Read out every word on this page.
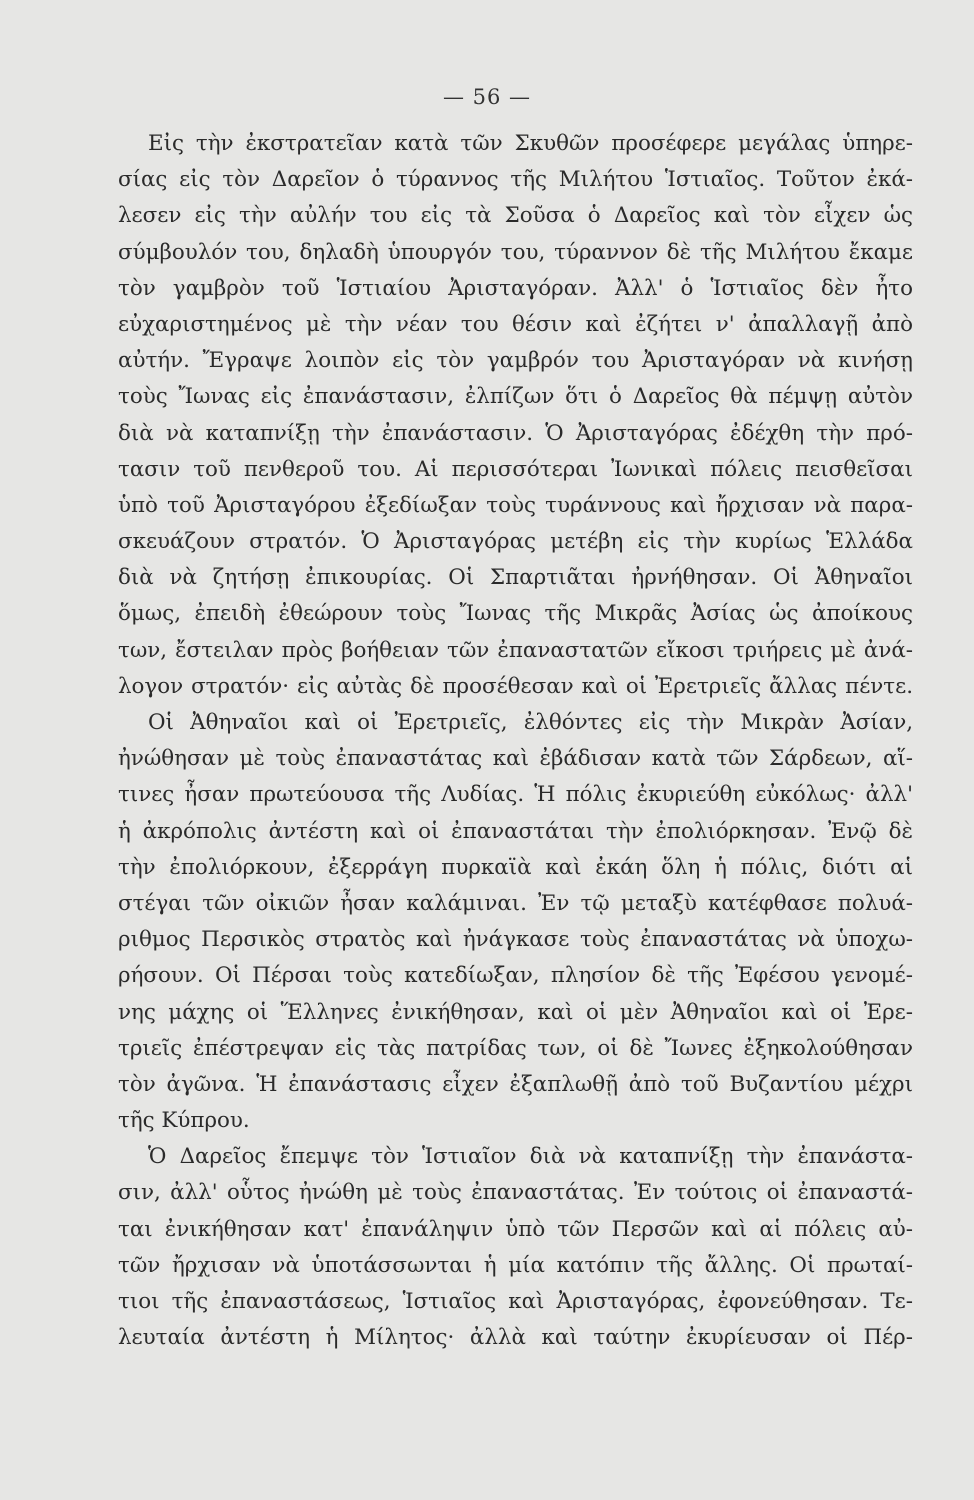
— 56 —
Εἰς τὴν ἐκστρατεῖαν κατὰ τῶν Σκυθῶν προσέφερε μεγάλας ὑπηρε-
σίας εἰς τὸν Δαρεῖον ὁ τύραννος τῆς Μιλήτου Ἱστιαῖος. Τοῦτον ἐκά-
λεσεν εἰς τὴν αὐλήν του εἰς τὰ Σοῦσα ὁ Δαρεῖος καὶ τὸν εἶχεν ὡς
σύμβουλόν του, δηλαδὴ ὑπουργόν του, τύραννον δὲ τῆς Μιλήτου ἔκαμε
τὸν γαμβρὸν τοῦ Ἱστιαίου Ἀρισταγόραν. Ἀλλ' ὁ Ἱστιαῖος δὲν ἦτο
εὐχαριστημένος μὲ τὴν νέαν του θέσιν καὶ ἐζήτει ν' ἀπαλλαγῇ ἀπὸ
αὐτήν. Ἔγραψε λοιπὸν εἰς τὸν γαμβρόν του Ἀρισταγόραν νὰ κινήσῃ
τοὺς Ἴωνας εἰς ἐπανάστασιν, ἐλπίζων ὅτι ὁ Δαρεῖος θὰ πέμψῃ αὐτὸν
διὰ νὰ καταπνίξῃ τὴν ἐπανάστασιν. Ὁ Ἀρισταγόρας ἐδέχθη τὴν πρό-
τασιν τοῦ πενθεροῦ του. Αἱ περισσότεραι Ἰωνικαὶ πόλεις πεισθεῖσαι
ὑπὸ τοῦ Ἀρισταγόρου ἐξεδίωξαν τοὺς τυράννους καὶ ἤρχισαν νὰ παρα-
σκευάζουν στρατόν. Ὁ Ἀρισταγόρας μετέβη εἰς τὴν κυρίως Ἑλλάδα
διὰ νὰ ζητήσῃ ἐπικουρίας. Οἱ Σπαρτιᾶται ἠρνήθησαν. Οἱ Ἀθηναῖοι
ὅμως, ἐπειδὴ ἐθεώρουν τοὺς Ἴωνας τῆς Μικρᾶς Ἀσίας ὡς ἀποίκους
των, ἔστειλαν πρὸς βοήθειαν τῶν ἐπαναστατῶν εἴκοσι τριήρεις μὲ ἀνά-
λογον στρατόν· εἰς αὐτὰς δὲ προσέθεσαν καὶ οἱ Ἐρετριεῖς ἄλλας πέντε.
Οἱ Ἀθηναῖοι καὶ οἱ Ἐρετριεῖς, ἐλθόντες εἰς τὴν Μικρὰν Ἀσίαν,
ἠνώθησαν μὲ τοὺς ἐπαναστάτας καὶ ἐβάδισαν κατὰ τῶν Σάρδεων, αἵ-
τινες ἦσαν πρωτεύουσα τῆς Λυδίας. Ἡ πόλις ἐκυριεύθη εὐκόλως· ἀλλ'
ἡ ἀκρόπολις ἀντέστη καὶ οἱ ἐπαναστάται τὴν ἐπολιόρκησαν. Ἐνῷ δὲ
τὴν ἐπολιόρκουν, ἐξερράγη πυρκαϊὰ καὶ ἐκάη ὅλη ἡ πόλις, διότι αἱ
στέγαι τῶν οἰκιῶν ἦσαν καλάμιναι. Ἐν τῷ μεταξὺ κατέφθασε πολυά-
ριθμος Περσικὸς στρατὸς καὶ ἠνάγκασε τοὺς ἐπαναστάτας νὰ ὑποχω-
ρήσουν. Οἱ Πέρσαι τοὺς κατεδίωξαν, πλησίον δὲ τῆς Ἐφέσου γενομέ-
νης μάχης οἱ Ἕλληνες ἐνικήθησαν, καὶ οἱ μὲν Ἀθηναῖοι καὶ οἱ Ἐρε-
τριεῖς ἐπέστρεψαν εἰς τὰς πατρίδας των, οἱ δὲ Ἴωνες ἐξηκολούθησαν
τὸν ἀγῶνα. Ἡ ἐπανάστασις εἶχεν ἐξαπλωθῇ ἀπὸ τοῦ Βυζαντίου μέχρι
τῆς Κύπρου.
Ὁ Δαρεῖος ἔπεμψε τὸν Ἱστιαῖον διὰ νὰ καταπνίξῃ τὴν ἐπανάστα-
σιν, ἀλλ' οὗτος ἠνώθη μὲ τοὺς ἐπαναστάτας. Ἐν τούτοις οἱ ἐπαναστά-
ται ἐνικήθησαν κατ' ἐπανάληψιν ὑπὸ τῶν Περσῶν καὶ αἱ πόλεις αὐ-
τῶν ἤρχισαν νὰ ὑποτάσσωνται ἡ μία κατόπιν τῆς ἄλλης. Οἱ πρωταί-
τιοι τῆς ἐπαναστάσεως, Ἱστιαῖος καὶ Ἀρισταγόρας, ἐφονεύθησαν. Τε-
λευταία ἀντέστη ἡ Μίλητος· ἀλλὰ καὶ ταύτην ἐκυρίευσαν οἱ Πέρ-
